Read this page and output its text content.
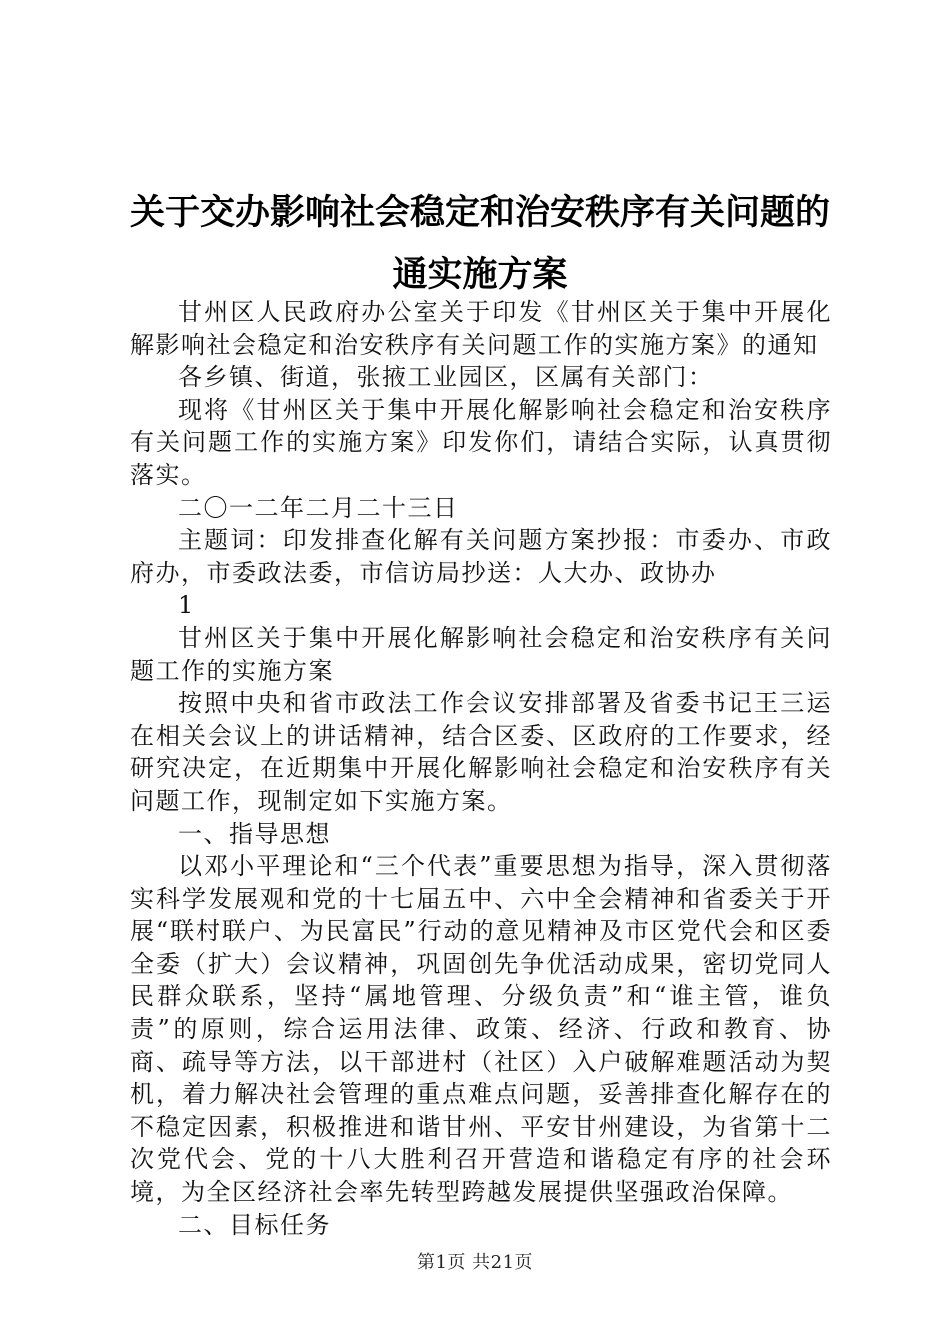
关于交办影响社会稳定和治安秩序有关问题的
通实施方案

甘州区人民政府办公室关于印发《甘州区关于集中开展化解影响社会稳定和治安秩序有关问题工作的实施方案》的通知

各乡镇、街道，张掖工业园区，区属有关部门：

现将《甘州区关于集中开展化解影响社会稳定和治安秩序有关问题工作的实施方案》印发你们，请结合实际，认真贯彻落实。

二〇一二年二月二十三日

主题词：印发排查化解有关问题方案抄报：市委办、市政府办，市委政法委，市信访局抄送：人大办、政协办

1

甘州区关于集中开展化解影响社会稳定和治安秩序有关问题工作的实施方案

按照中央和省市政法工作会议安排部署及省委书记王三运在相关会议上的讲话精神，结合区委、区政府的工作要求，经研究决定，在近期集中开展化解影响社会稳定和治安秩序有关问题工作，现制定如下实施方案。

一、指导思想

以邓小平理论和“三个代表”重要思想为指导，深入贯彻落实科学发展观和党的十七届五中、六中全会精神和省委关于开展“联村联户、为民富民”行动的意见精神及市区党代会和区委全委（扩大）会议精神，巩固创先争优活动成果，密切党同人民群众联系，坚持“属地管理、分级负责”和“谁主管，谁负责”的原则，综合运用法律、政策、经济、行政和教育、协商、疏导等方法，以干部进村（社区）入户破解难题活动为契机，着力解决社会管理的重点难点问题，妥善排查化解存在的不稳定因素，积极推进和谐甘州、平安甘州建设，为省第十二次党代会、党的十八大胜利召开营造和谐稳定有序的社会环境，为全区经济社会率先转型跨越发展提供坚强政治保障。

二、目标任务

第1页 共21页
